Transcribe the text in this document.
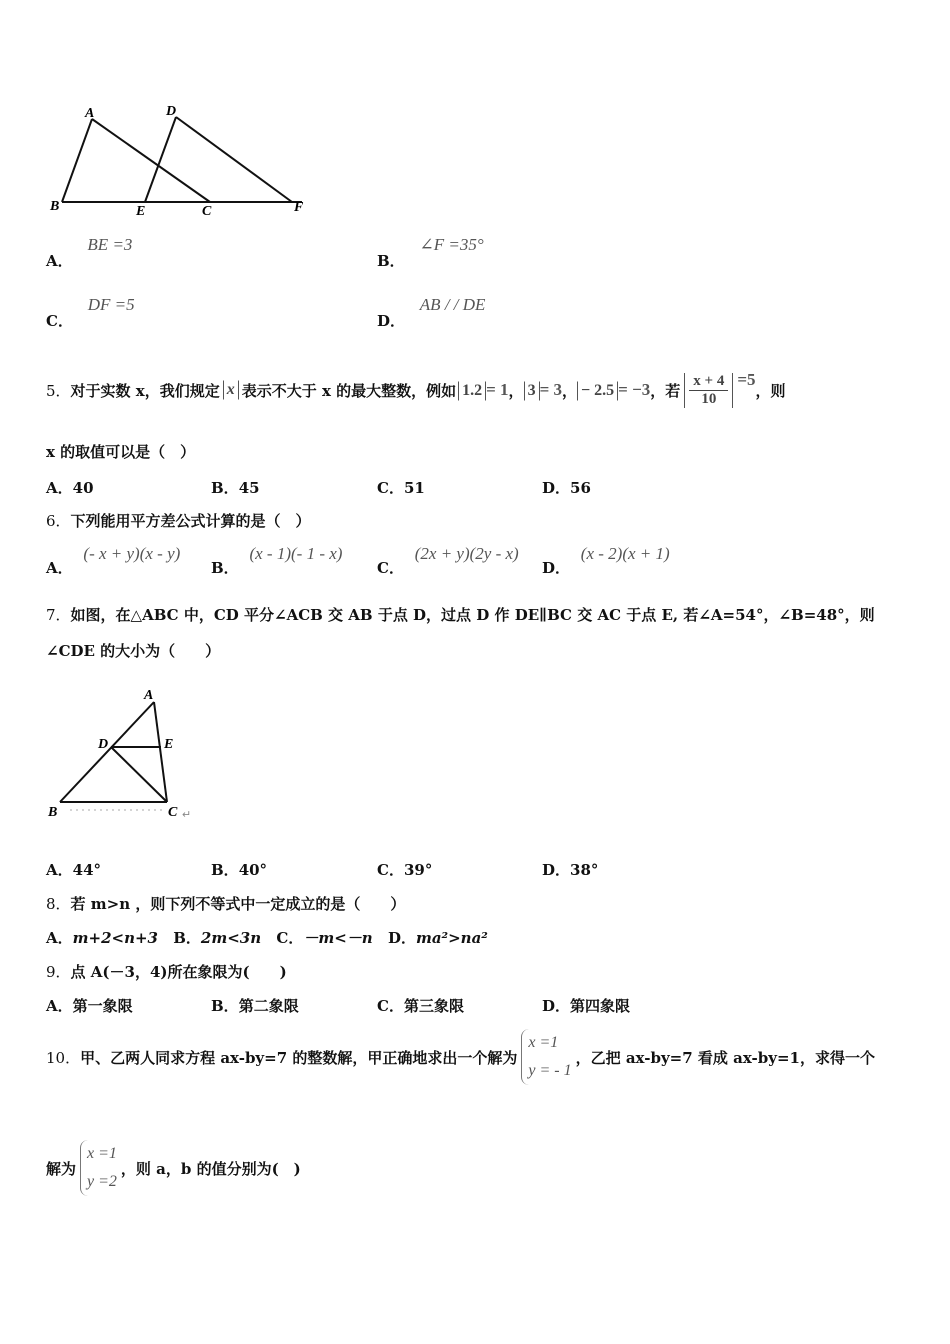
A	D
B	E	C	F
A． BE =3
B． ∠F =35°
C． DF =5
D． AB / / DE
5． 对于实数 x，我们规定 x 表示不大于 x 的最大整数，例如 1.2 = 1 ， 3 = 3 ， − 2.5 = −3 ，若 $\frac{x + 4}{10} =5$
，则
x 的取值可以是（　）
A．40	B．45	C．51	D．56
6．下列能用平方差公式计算的是（　）
A． (- x + y)(x - y)
B． (x - 1)(- 1 - x)
C． (2x + y)(2y - x)
D． (x - 2)(x + 1)
7．如图，在△ABC 中，CD 平分∠ACB 交 AB 于点 D，过点 D 作 DE∥BC 交 AC 于点 E, 若∠A=54°，∠B=48°，则
∠CDE 的大小为（　　）
A
D	E
B	C ↵
A．44°	B．40°	C．39°	D．38°
8．若 m>n ，则下列不等式中一定成立的是（　　）
A．m+2<n+3 B．2m<3n C．－m<－n D．ma²>na²
9．点 A(－3，4)所在象限为(　　)
A．第一象限	B．第二象限	C．第三象限	D．第四象限
10． 甲、乙两人同求方程 ax-by=7 的整数解，甲正确地求出一个解为
x =1
y = - 1
，乙把 ax-by=7 看成 ax-by=1，求得一个
解为
x =1
y =2
，则 a，b 的值分别为(　)
